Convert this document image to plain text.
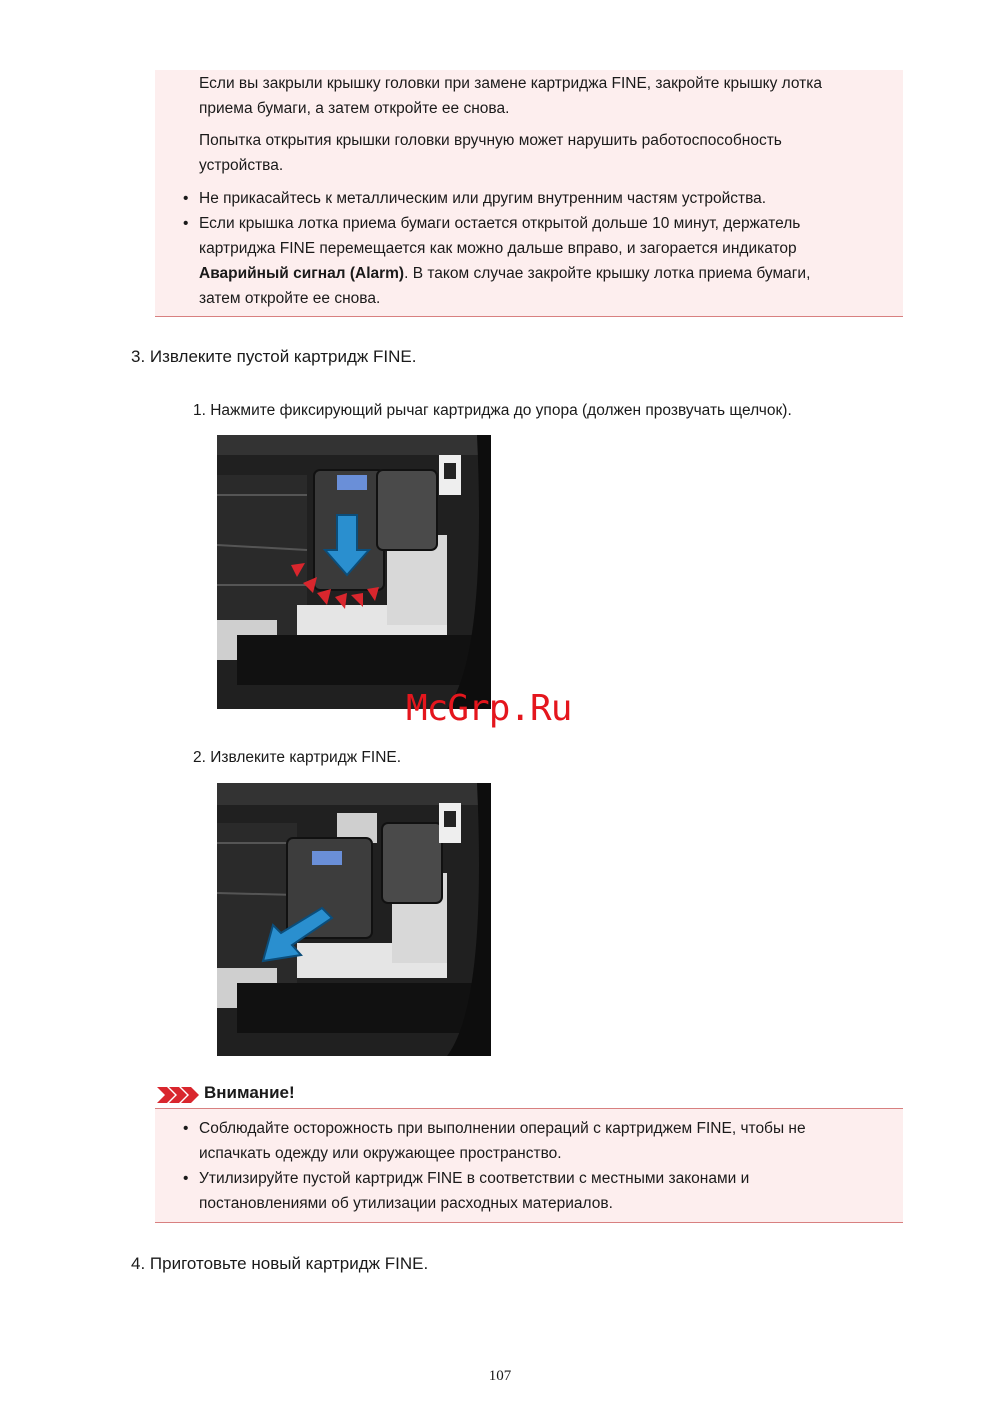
Если вы закрыли крышку головки при замене картриджа FINE, закройте крышку лотка
приема бумаги, а затем откройте ее снова.
Попытка открытия крышки головки вручную может нарушить работоспособность
устройства.
• Не прикасайтесь к металлическим или другим внутренним частям устройства.
• Если крышка лотка приема бумаги остается открытой дольше 10 минут, держатель
картриджа FINE перемещается как можно дальше вправо, и загорается индикатор
Аварийный сигнал (Alarm). В таком случае закройте крышку лотка приема бумаги,
затем откройте ее снова.
3. Извлеките пустой картридж FINE.
1. Нажмите фиксирующий рычаг картриджа до упора (должен прозвучать щелчок).
McGrp.Ru
2. Извлеките картридж FINE.
Внимание!
• Соблюдайте осторожность при выполнении операций с картриджем FINE, чтобы не
испачкать одежду или окружающее пространство.
• Утилизируйте пустой картридж FINE в соответствии с местными законами и
постановлениями об утилизации расходных материалов.
4. Приготовьте новый картридж FINE.
107
